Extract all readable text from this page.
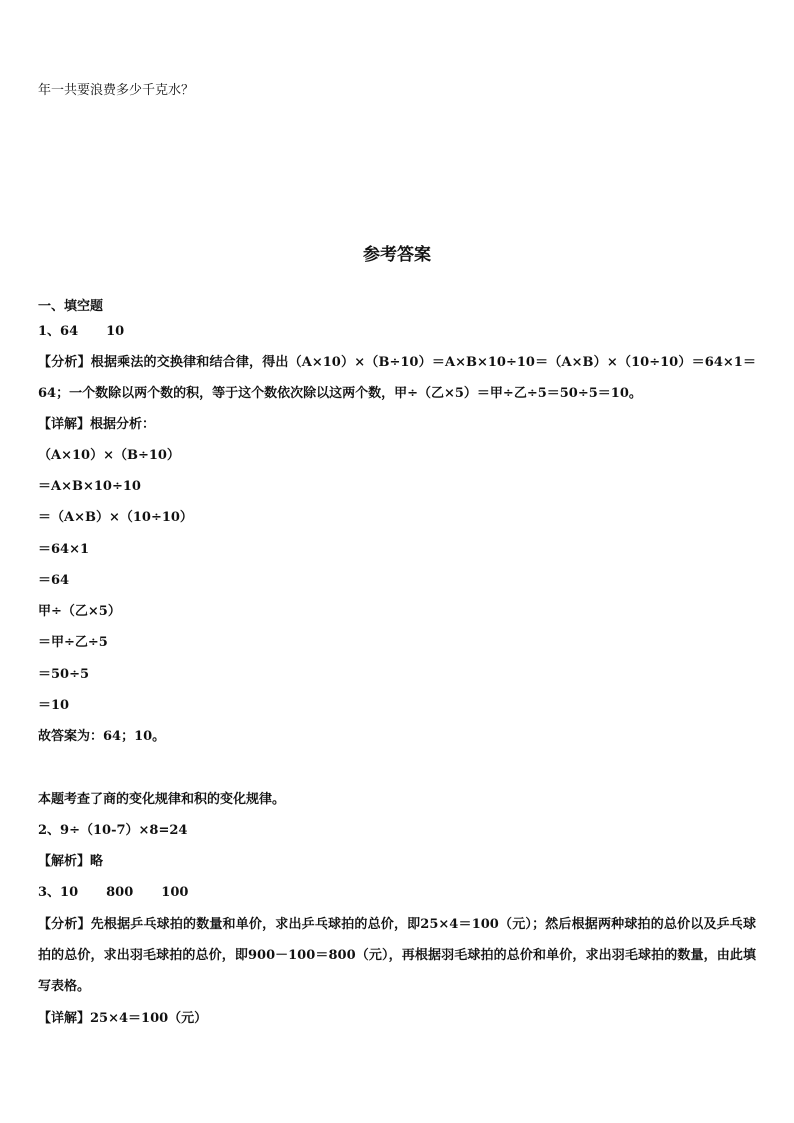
年一共要浪费多少千克水？
参考答案
一、填空题
1、64 10
【分析】根据乘法的交换律和结合律，得出（A×10）×（B÷10）＝A×B×10÷10＝（A×B）×（10÷10）＝64×1＝64；一个数除以两个数的积，等于这个数依次除以这两个数，甲÷（乙×5）＝甲÷乙÷5＝50÷5＝10。
【详解】根据分析：
（A×10）×（B÷10）
＝A×B×10÷10
＝（A×B）×（10÷10）
＝64×1
＝64
甲÷（乙×5）
＝甲÷乙÷5
＝50÷5
＝10
故答案为：64；10。
本题考查了商的变化规律和积的变化规律。
2、9÷（10-7）×8=24
【解析】略
3、10 800 100
【分析】先根据乒乓球拍的数量和单价，求出乒乓球拍的总价，即25×4＝100（元）；然后根据两种球拍的总价以及乒乓球拍的总价，求出羽毛球拍的总价，即900－100＝800（元），再根据羽毛球拍的总价和单价，求出羽毛球拍的数量，由此填写表格。
【详解】25×4＝100（元）
